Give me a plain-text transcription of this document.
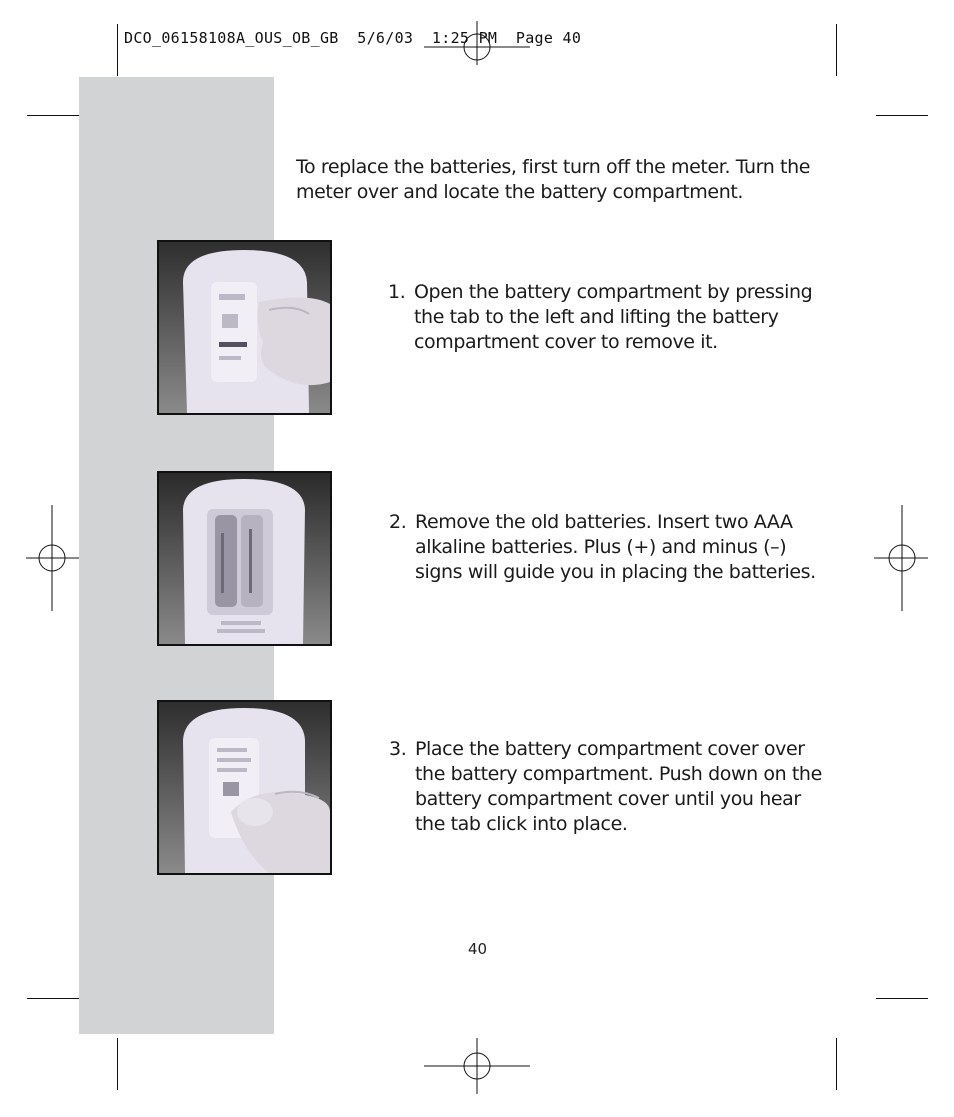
DCO_06158108A_OUS_OB_GB  5/6/03  1:25 PM  Page 40

To replace the batteries, first turn off the meter. Turn the meter over and locate the battery compartment.

1. Open the battery compartment by pressing the tab to the left and lifting the battery compartment cover to remove it.

2. Remove the old batteries. Insert two AAA alkaline batteries. Plus (+) and minus (–) signs will guide you in placing the batteries.

3. Place the battery compartment cover over the battery compartment. Push down on the battery compartment cover until you hear the tab click into place.

40
